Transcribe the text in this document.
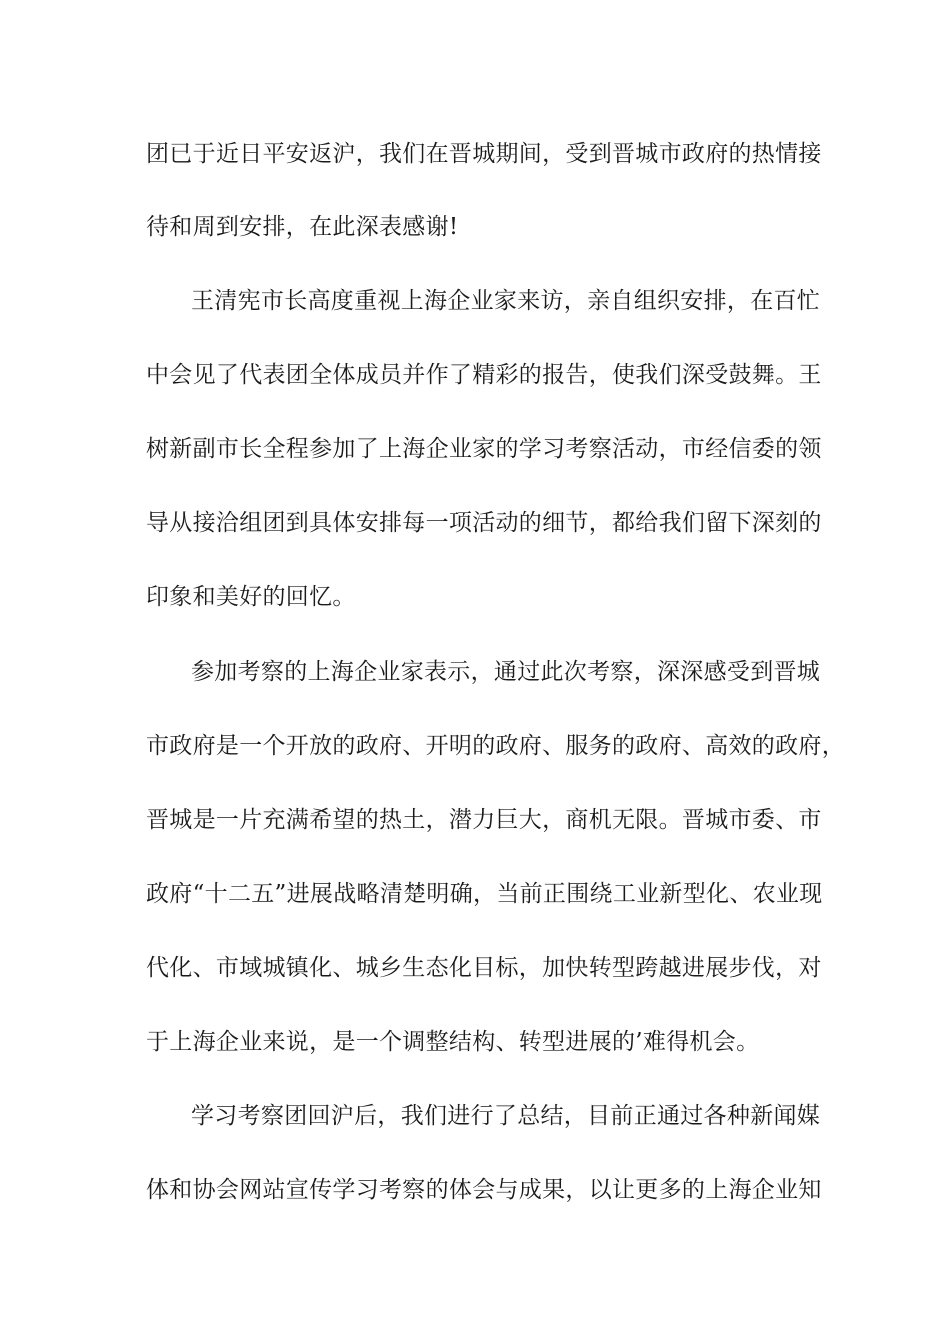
团已于近日平安返沪，我们在晋城期间，受到晋城市政府的热情接
待和周到安排，在此深表感谢!
王清宪市长高度重视上海企业家来访，亲自组织安排，在百忙
中会见了代表团全体成员并作了精彩的报告，使我们深受鼓舞。王
树新副市长全程参加了上海企业家的学习考察活动，市经信委的领
导从接洽组团到具体安排每一项活动的细节，都给我们留下深刻的
印象和美好的回忆。
参加考察的上海企业家表示，通过此次考察，深深感受到晋城
市政府是一个开放的政府、开明的政府、服务的政府、高效的政府，
晋城是一片充满希望的热土，潜力巨大，商机无限。晋城市委、市
政府“十二五”进展战略清楚明确，当前正围绕工业新型化、农业现
代化、市域城镇化、城乡生态化目标，加快转型跨越进展步伐，对
于上海企业来说，是一个调整结构、转型进展的’难得机会。
学习考察团回沪后，我们进行了总结，目前正通过各种新闻媒
体和协会网站宣传学习考察的体会与成果，以让更多的上海企业知
